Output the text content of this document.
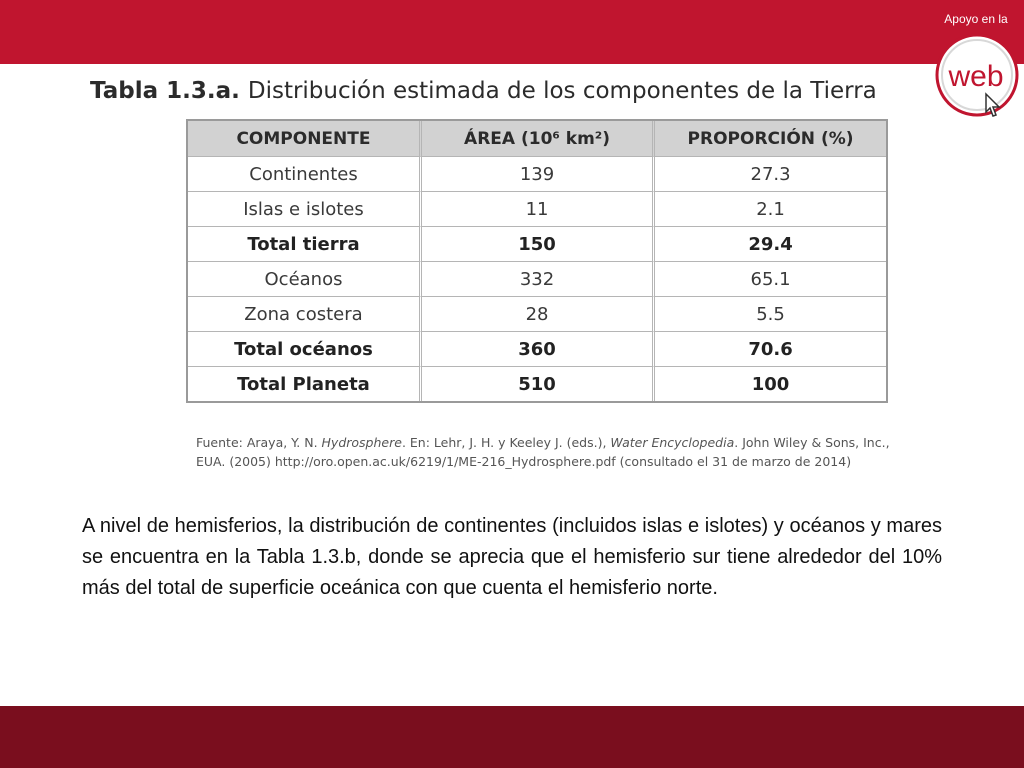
Apoyo en la
web
Tabla 1.3.a. Distribución estimada de los componentes de la Tierra
COMPONENTE	ÁREA (10⁶ km²)	PROPORCIÓN (%)
Continentes	139	27.3
Islas e islotes	11	2.1
Total tierra	150	29.4
Océanos	332	65.1
Zona costera	28	5.5
Total océanos	360	70.6
Total Planeta	510	100
Fuente: Araya, Y. N. Hydrosphere. En: Lehr, J. H. y Keeley J. (eds.), Water Encyclopedia. John Wiley & Sons, Inc., EUA. (2005) http://oro.open.ac.uk/6219/1/ME-216_Hydrosphere.pdf (consultado el 31 de marzo de 2014)
A nivel de hemisferios, la distribución de continentes (incluidos islas e islotes) y océanos y mares se encuentra en la Tabla 1.3.b, donde se aprecia que el hemisferio sur tiene alrededor del 10% más del total de superficie oceánica con que cuenta el hemisferio norte.
